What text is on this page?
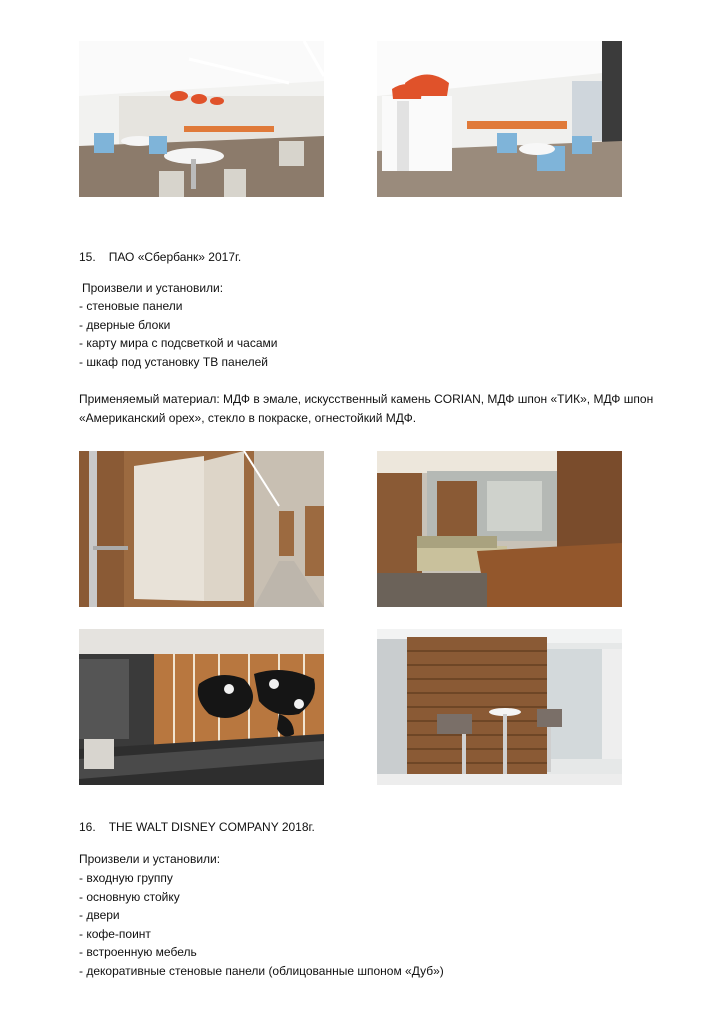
15. ПАО «Сбербанк» 2017г.
Произвели и установили:
- стеновые панели
- дверные блоки
- карту мира с подсветкой и часами
- шкаф под установку ТВ панелей
Применяемый материал: МДФ в эмале, искусственный камень CORIAN, МДФ шпон «ТИК», МДФ шпон
«Американский орех», стекло в покраске, огнестойкий МДФ.
16. THE WALT DISNEY COMPANY 2018г.
Произвели и установили:
- входную группу
- основную стойку
- двери
- кофе-поинт
- встроенную мебель
- декоративные стеновые панели (облицованные шпоном «Дуб»)
